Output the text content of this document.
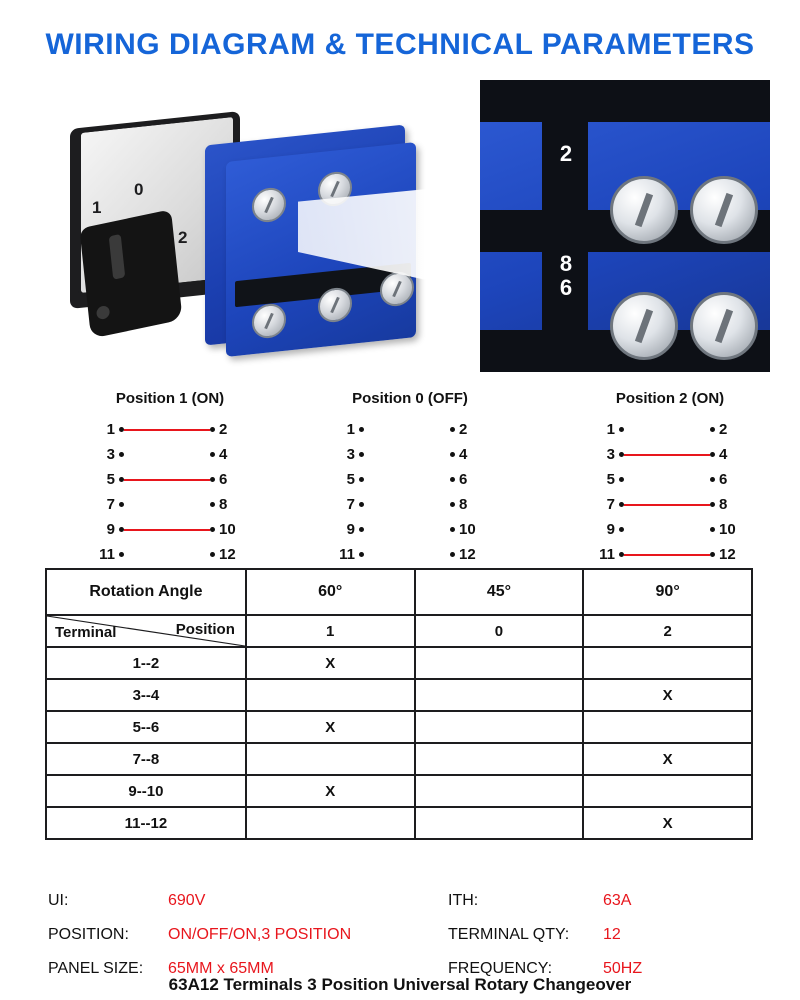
WIRING DIAGRAM & TECHNICAL PARAMETERS
1
0
2
2
8
6
12
10
Position 1 (ON)
1	2
3	4
5	6
7	8
9	10
11	12
Position 0 (OFF)
1	2
3	4
5	6
7	8
9	10
11	12
Position 2 (ON)
1	2
3	4
5	6
7	8
9	10
11	12
Rotation Angle	60°	45°	90°

Position
Terminal	1	0	2
1--2	X		
3--4			X
5--6	X		
7--8			X
9--10	X		
11--12			X
UI:	690V	ITH:	63A
POSITION:	ON/OFF/ON,3 POSITION	TERMINAL QTY:	12
PANEL SIZE:	65MM x 65MM	FREQUENCY:	50HZ
63A12 Terminals 3 Position Universal Rotary Changeover
